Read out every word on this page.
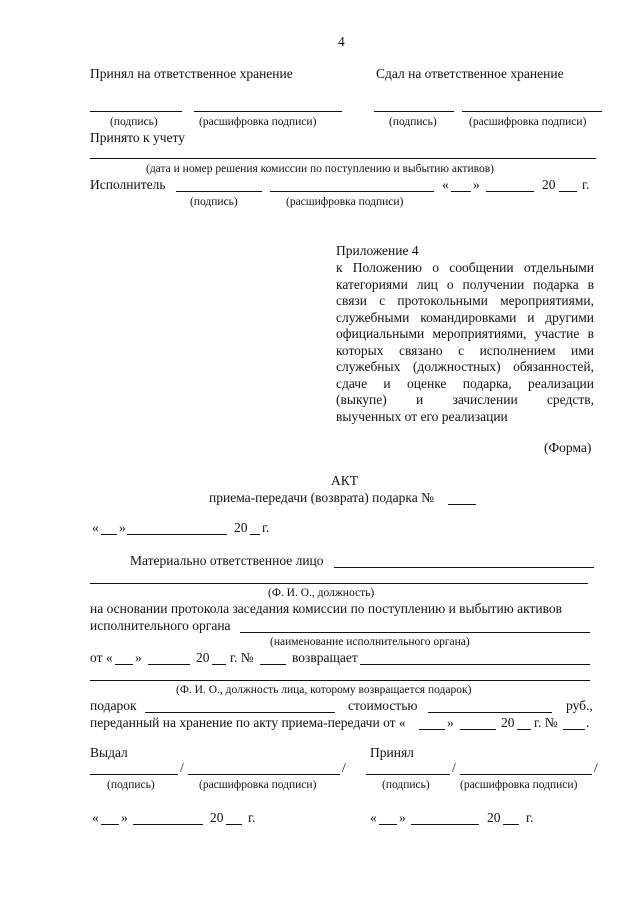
4
Принял на ответственное хранение	Сдал на ответственное хранение
(подпись)	(расшифровка подписи)	(подпись)	(расшифровка подписи)
Принято к учету
(дата и номер решения комиссии по поступлению и выбытию активов)
Исполнитель	« »	20 г.
(подпись)	(расшифровка подписи)
Приложение 4
к Положению о сообщении отдельными
категориями лиц о получении подарка в
связи с протокольными мероприятиями,
служебными командировками и другими
официальными мероприятиями, участие в
которых связано с исполнением ими
служебных (должностных) обязанностей,
сдаче и оценке подарка, реализации
(выкупе) и зачислении средств,
выученных от его реализации
(Форма)
АКТ
приема-передачи (возврата) подарка №
« »	20 г.
Материально ответственное лицо
(Ф. И. О., должность)
на основании протокола заседания комиссии по поступлению и выбытию активов
исполнительного органа
(наименование исполнительного органа)
от « »	20 г. №	возвращает
(Ф. И. О., должность лица, которому возвращается подарок)
подарок	стоимостью	руб.,
переданный на хранение по акту приема-передачи от «	»	20 г. № .
Выдал	Принял
/	/	/	/
(подпись)	(расшифровка подписи)	(подпись)	(расшифровка подписи)
« »	20 г.	« »	20 г.
